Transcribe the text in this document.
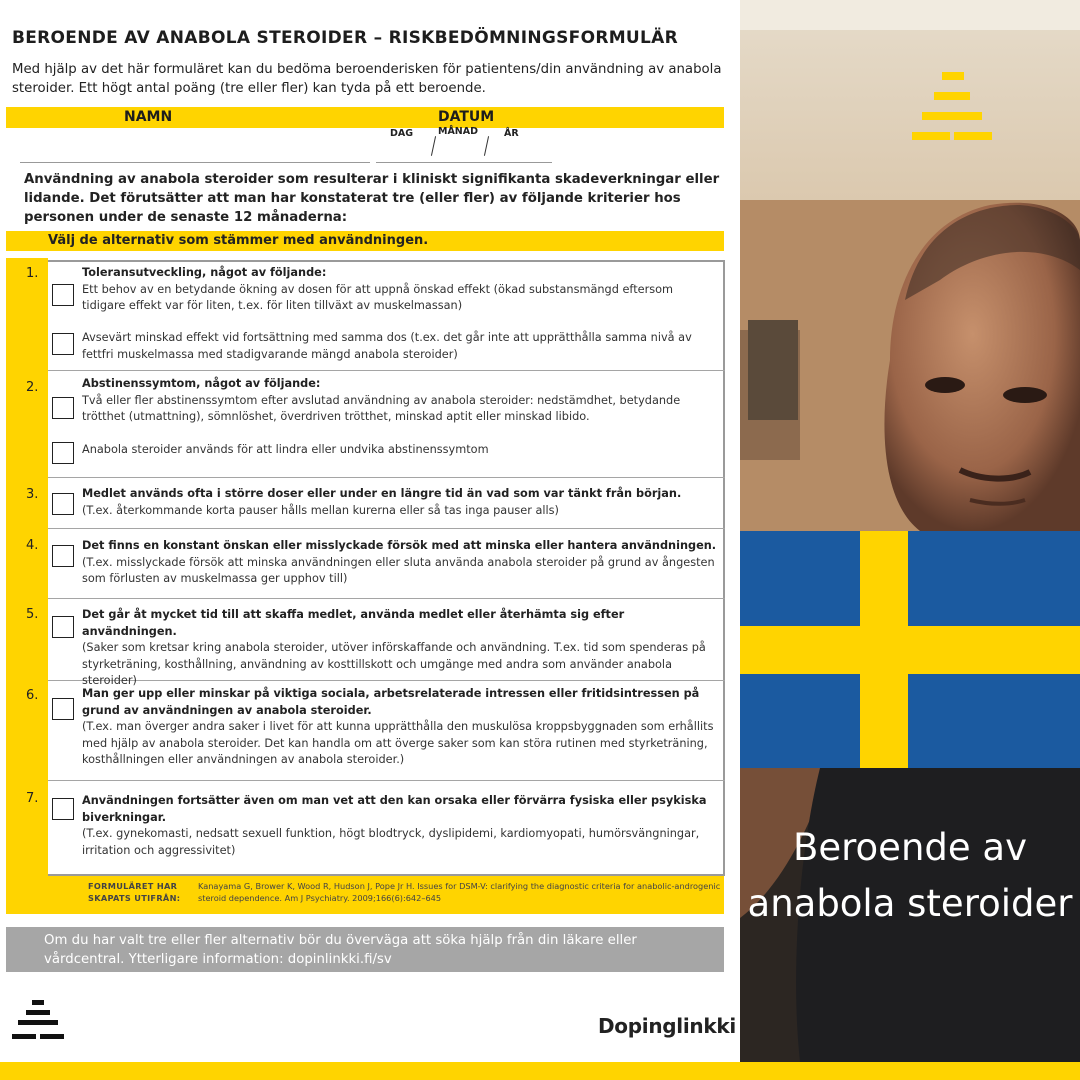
BEROENDE AV ANABOLA STEROIDER – RISKBEDÖMNINGSFORMULÄR
Med hjälp av det här formuläret kan du bedöma beroenderisken för patientens/din användning av anabola steroider. Ett högt antal poäng (tre eller fler) kan tyda på ett beroende.
NAMN	DATUM
DAG	MÅNAD	ÅR
Användning av anabola steroider som resulterar i kliniskt signifikanta skadeverkningar eller lidande. Det förutsätter att man har konstaterat tre (eller fler) av följande kriterier hos personen under de senaste 12 månaderna:
Välj de alternativ som stämmer med användningen.
1.	Toleransutveckling, något av följande:
Ett behov av en betydande ökning av dosen för att uppnå önskad effekt (ökad substansmängd eftersom tidigare effekt var för liten, t.ex. för liten tillväxt av muskelmassan)
Avsevärt minskad effekt vid fortsättning med samma dos (t.ex. det går inte att upprätthålla samma nivå av fettfri muskelmassa med stadigvarande mängd anabola steroider)
2.	Abstinenssymtom, något av följande:
Två eller fler abstinenssymtom efter avslutad användning av anabola steroider: nedstämdhet, betydande trötthet (utmattning), sömnlöshet, överdriven trötthet, minskad aptit eller minskad libido.
Anabola steroider används för att lindra eller undvika abstinenssymtom
3.	Medlet används ofta i större doser eller under en längre tid än vad som var tänkt från början.
(T.ex. återkommande korta pauser hålls mellan kurerna eller så tas inga pauser alls)
4.	Det finns en konstant önskan eller misslyckade försök med att minska eller hantera användningen.
(T.ex. misslyckade försök att minska användningen eller sluta använda anabola steroider på grund av ångesten som förlusten av muskelmassa ger upphov till)
5.	Det går åt mycket tid till att skaffa medlet, använda medlet eller återhämta sig efter användningen.
(Saker som kretsar kring anabola steroider, utöver införskaffande och användning. T.ex. tid som spenderas på styrketräning, kosthållning, användning av kosttillskott och umgänge med andra som använder anabola steroider)
6.	Man ger upp eller minskar på viktiga sociala, arbetsrelaterade intressen eller fritidsintressen på grund av användningen av anabola steroider.
(T.ex. man överger andra saker i livet för att kunna upprätthålla den muskulösa kroppsbyggnaden som erhållits med hjälp av anabola steroider. Det kan handla om att överge saker som kan störa rutinen med styrketräning, kosthållningen eller användningen av anabola steroider.)
7.	Användningen fortsätter även om man vet att den kan orsaka eller förvärra fysiska eller psykiska biverkningar.
(T.ex. gynekomasti, nedsatt sexuell funktion, högt blodtryck, dyslipidemi, kardiomyopati, humörsvängningar, irritation och aggressivitet)
FORMULÄRET HAR SKAPATS UTIFRÅN:
Kanayama G, Brower K, Wood R, Hudson J, Pope Jr H. Issues for DSM-V: clarifying the diagnostic criteria for anabolic-androgenic steroid dependence. Am J Psychiatry. 2009;166(6):642–645
Om du har valt tre eller fler alternativ bör du överväga att söka hjälp från din läkare eller vårdcentral. Ytterligare information: dopinlinkki.fi/sv
Dopinglinkki
Beroende av anabola steroider
